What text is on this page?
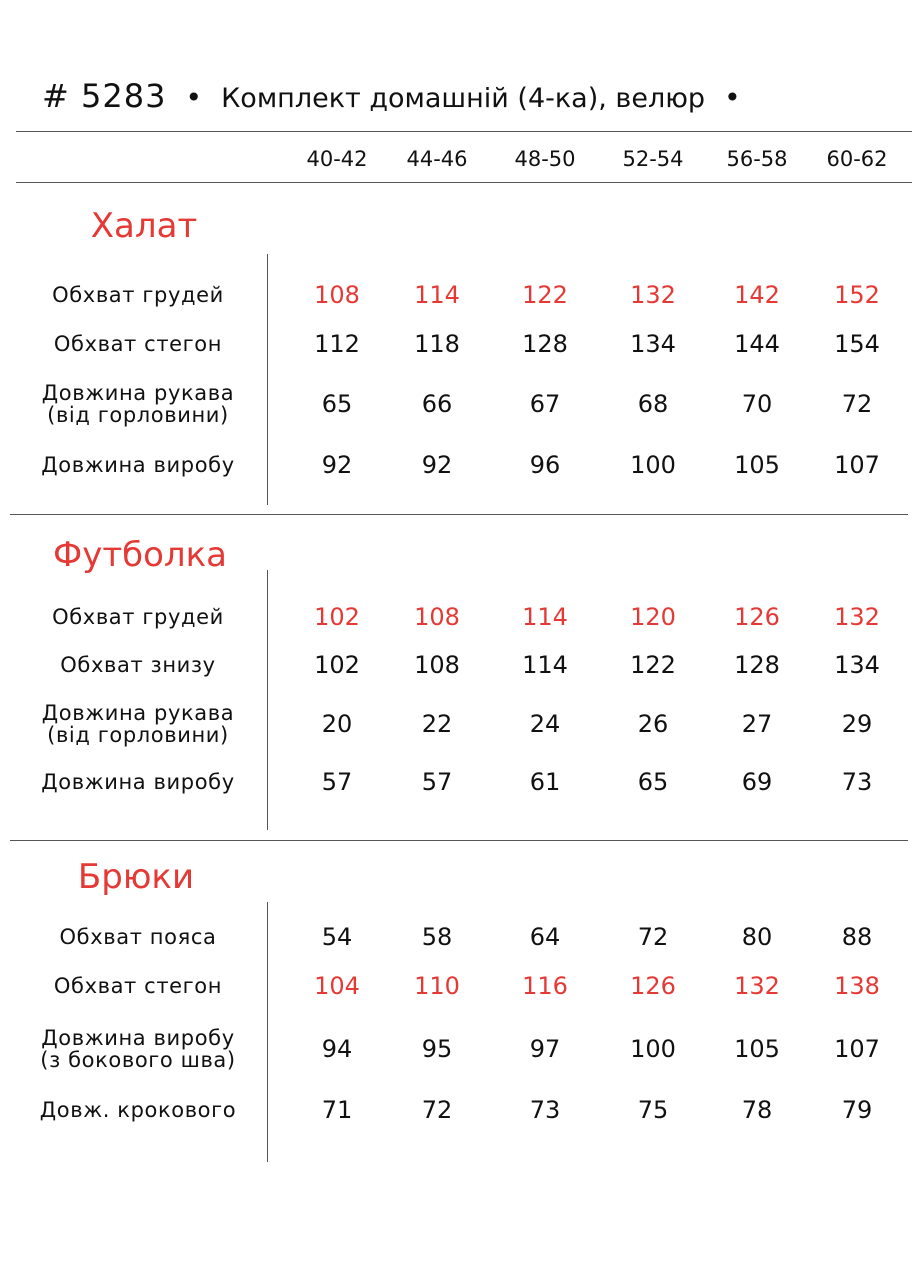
# 5283 • Комплект домашній (4-ка), велюр •
40-42	44-46	48-50	52-54	56-58	60-62
Халат
Обхват грудей	108	114	122	132	142	152
Обхват стегон	112	118	128	134	144	154
Довжина рукава
(від горловини)	65	66	67	68	70	72
Довжина виробу	92	92	96	100	105	107
Футболка
Обхват грудей	102	108	114	120	126	132
Обхват знизу	102	108	114	122	128	134
Довжина рукава
(від горловини)	20	22	24	26	27	29
Довжина виробу	57	57	61	65	69	73
Брюки
Обхват пояса	54	58	64	72	80	88
Обхват стегон	104	110	116	126	132	138
Довжина виробу
(з бокового шва)	94	95	97	100	105	107
Довж. крокового	71	72	73	75	78	79
